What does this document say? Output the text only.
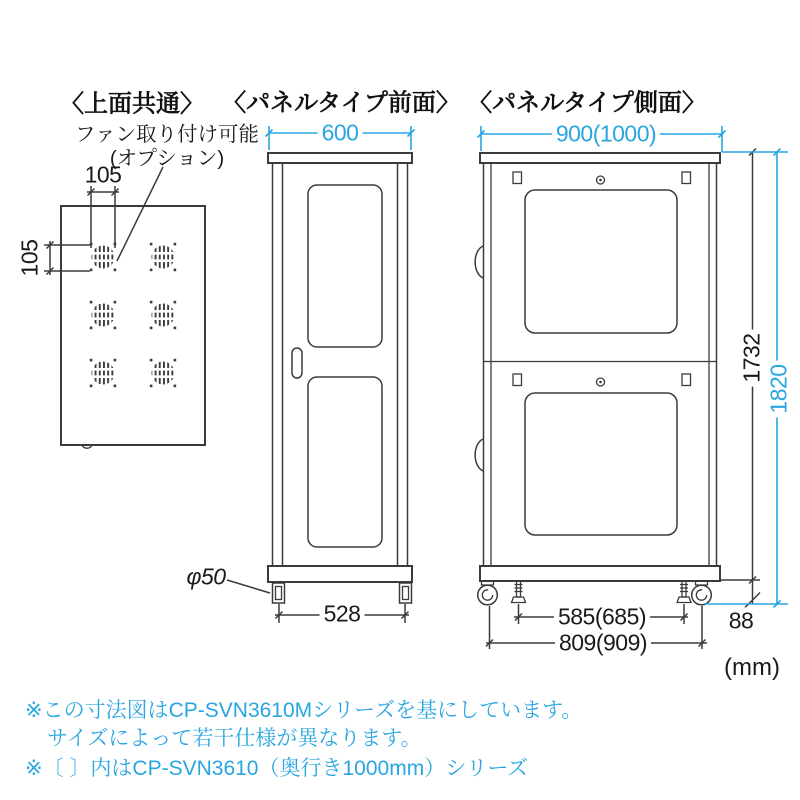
〈上面共通〉 〈パネルタイプ前面〉 〈パネルタイプ側面〉
ファン取り付け可能
(オプション)
105
105
600
528
φ50
900(1000)
1732
1820
585(685)
809(909)
88
(mm)
※この寸法図はCP-SVN3610Mシリーズを基にしています。
サイズによって若干仕様が異なります。
※〔 〕内はCP-SVN3610（奥行き1000mm）シリーズ
